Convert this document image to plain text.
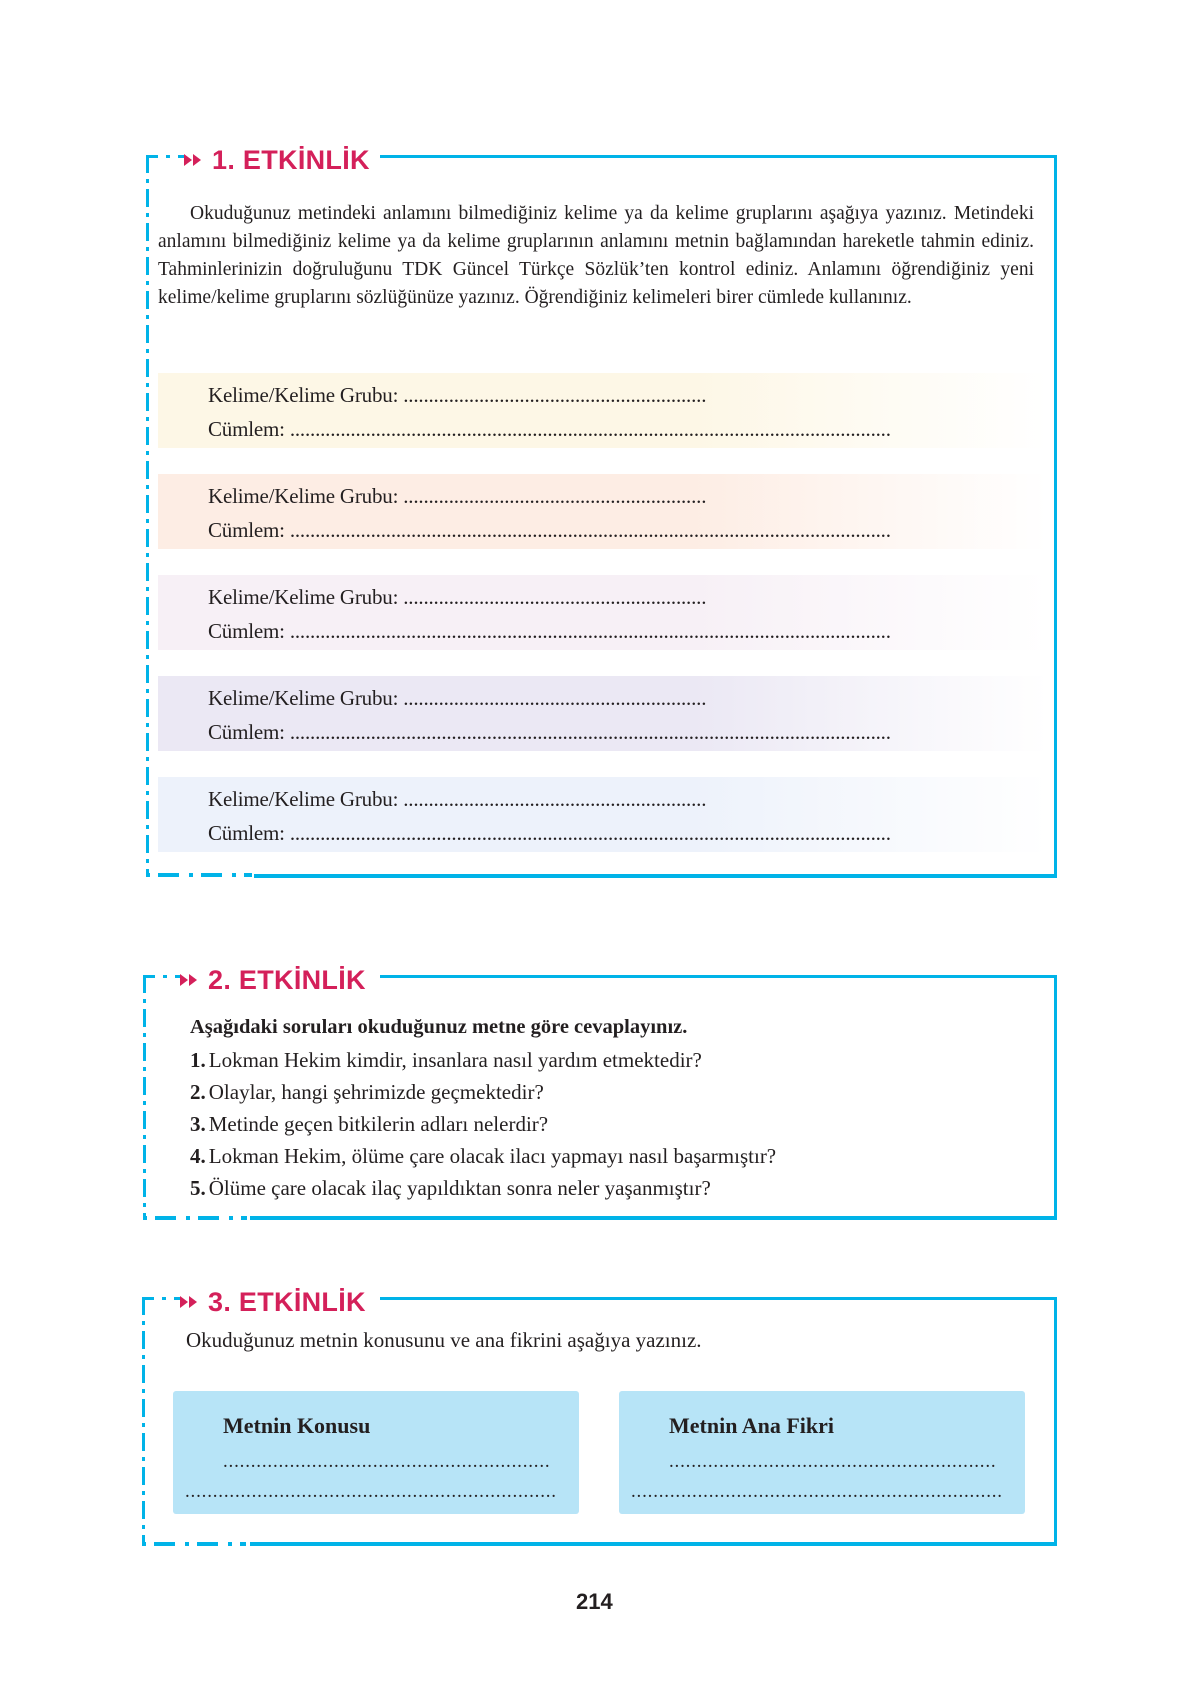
1. ETKİNLİK
Okuduğunuz metindeki anlamını bilmediğiniz kelime ya da kelime gruplarını aşağıya yazınız. Metindeki anlamını bilmediğiniz kelime ya da kelime gruplarının anlamını metnin bağlamından hareketle tahmin ediniz. Tahminlerinizin doğruluğunu TDK Güncel Türkçe Sözlük’ten kontrol ediniz. Anlamını öğrendiğiniz yeni kelime/kelime gruplarını sözlüğünüze yazınız. Öğrendiğiniz kelimeleri birer cümlede kullanınız.
Kelime/Kelime Grubu: ............................................................
Cümlem: .......................................................................................................................
Kelime/Kelime Grubu: ............................................................
Cümlem: .......................................................................................................................
Kelime/Kelime Grubu: ............................................................
Cümlem: .......................................................................................................................
Kelime/Kelime Grubu: ............................................................
Cümlem: .......................................................................................................................
Kelime/Kelime Grubu: ............................................................
Cümlem: .......................................................................................................................
2. ETKİNLİK
Aşağıdaki soruları okuduğunuz metne göre cevaplayınız.
1. Lokman Hekim kimdir, insanlara nasıl yardım etmektedir?
2. Olaylar, hangi şehrimizde geçmektedir?
3. Metinde geçen bitkilerin adları nelerdir?
4. Lokman Hekim, ölüme çare olacak ilacı yapmayı nasıl başarmıştır?
5. Ölüme çare olacak ilaç yapıldıktan sonra neler yaşanmıştır?
3. ETKİNLİK
Okuduğunuz metnin konusunu ve ana fikrini aşağıya yazınız.
Metnin Konusu
...........................................................
...................................................................
Metnin Ana Fikri
...........................................................
...................................................................
214
